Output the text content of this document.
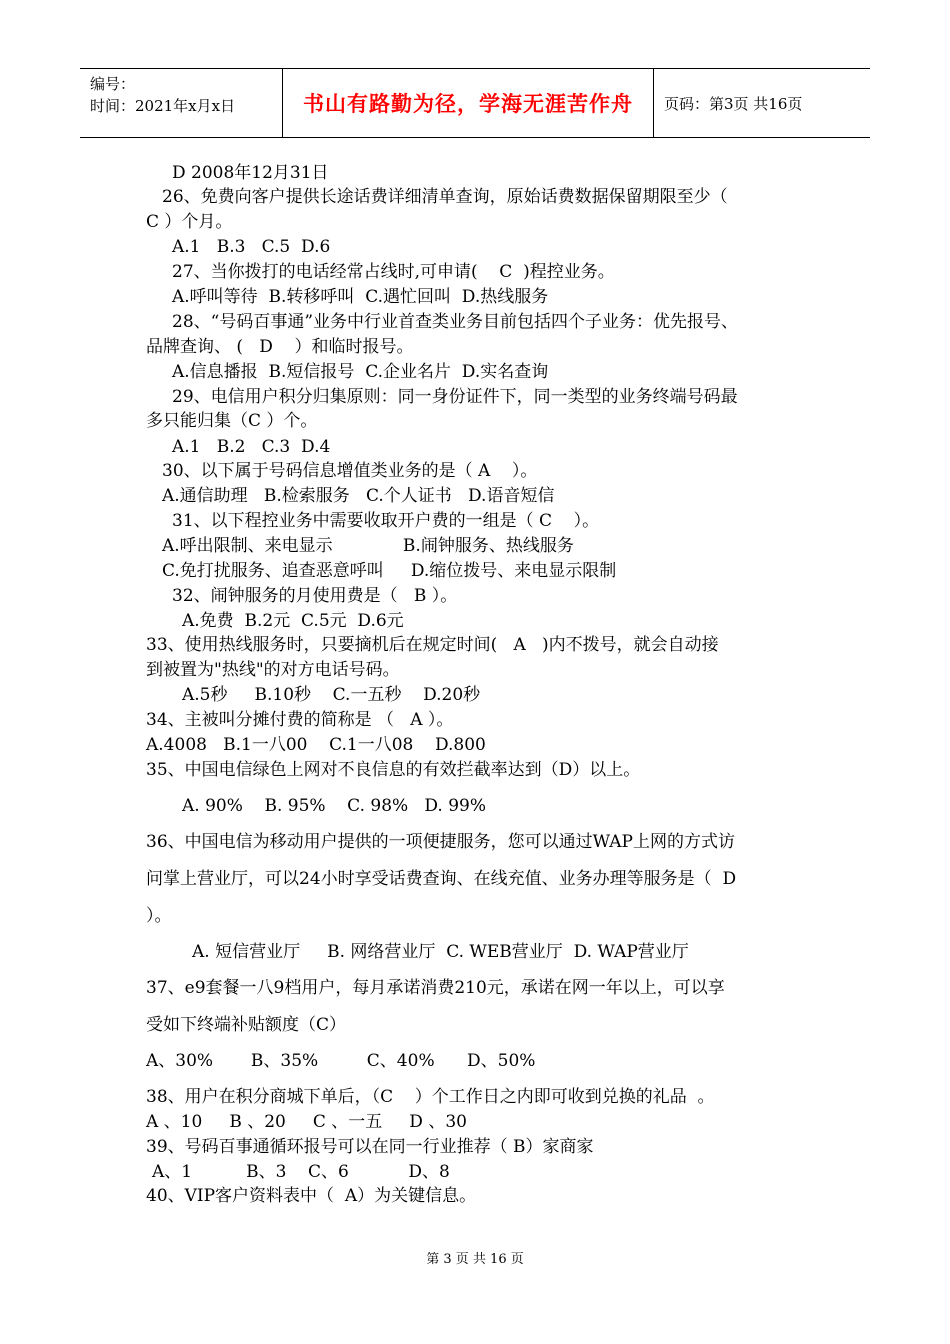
编号：
时间：2021年x月x日	书山有路勤为径，学海无涯苦作舟 页码：第3页 共16页
D 2008年12月31日
26、免费向客户提供长途话费详细清单查询，原始话费数据保留期限至少（
C ）个月。
A.1   B.3   C.5  D.6
27、当你拨打的电话经常占线时,可申请(    C  )程控业务。
A.呼叫等待  B.转移呼叫  C.遇忙回叫  D.热线服务
28、“号码百事通”业务中行业首查类业务目前包括四个子业务：优先报号、
品牌查询、 (   D    ）和临时报号。
A.信息播报  B.短信报号  C.企业名片  D.实名查询
29、电信用户积分归集原则：同一身份证件下，同一类型的业务终端号码最
多只能归集（C ）个。
A.1   B.2   C.3  D.4
30、以下属于号码信息增值类业务的是（ A    ）。
A.通信助理   B.检索服务   C.个人证书   D.语音短信
31、以下程控业务中需要收取开户费的一组是（ C    ）。
A.呼出限制、来电显示             B.闹钟服务、热线服务
C.免打扰服务、追查恶意呼叫     D.缩位拨号、来电显示限制
32、闹钟服务的月使用费是（   B ）。
A.免费  B.2元  C.5元  D.6元
33、使用热线服务时，只要摘机后在规定时间(   A   )内不拨号，就会自动接
到被置为"热线"的对方电话号码。
A.5秒     B.10秒    C.一五秒    D.20秒
34、主被叫分摊付费的简称是 （   A ）。
A.4008   B.1一八00    C.1一八08    D.800
35、中国电信绿色上网对不良信息的有效拦截率达到（D）以上。
A. 90%    B. 95%    C. 98%   D. 99%
36、中国电信为移动用户提供的一项便捷服务，您可以通过WAP上网的方式访
问掌上营业厅，可以24小时享受话费查询、在线充值、业务办理等服务是（  D
）。
A. 短信营业厅     B. 网络营业厅  C. WEB营业厅  D. WAP营业厅
37、e9套餐一八9档用户，每月承诺消费210元，承诺在网一年以上，可以享
受如下终端补贴额度（C）
A、30%       B、35%         C、40%      D、50%
38、用户在积分商城下单后，（C    ）个工作日之内即可收到兑换的礼品  。
A 、10     B 、20     C 、一五     D 、30
39、号码百事通循环报号可以在同一行业推荐（ B）家商家
A、1          B、3    C、6           D、8
40、VIP客户资料表中（  A）为关键信息。
第 3 页 共 16 页
